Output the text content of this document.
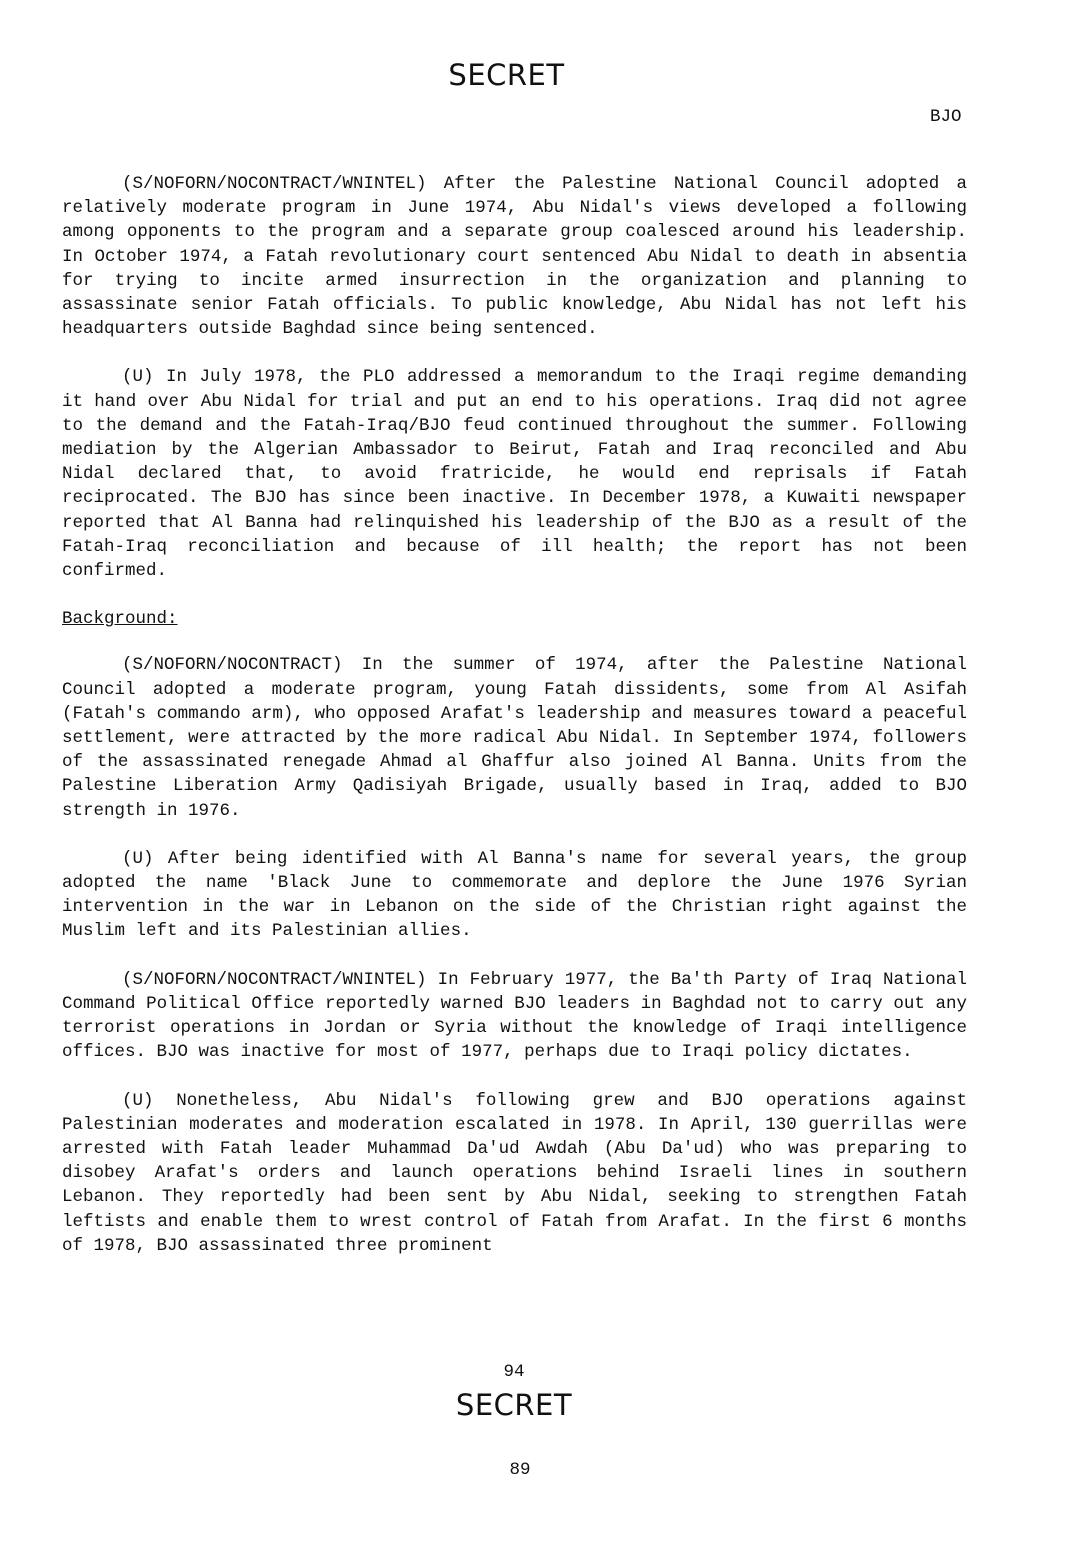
SECRET
BJO

(S/NOFORN/NOCONTRACT/WNINTEL) After the Palestine National Council adopted a relatively moderate program in June 1974, Abu Nidal's views developed a following among opponents to the program and a separate group coalesced around his leadership. In October 1974, a Fatah revolutionary court sentenced Abu Nidal to death in absentia for trying to incite armed insurrection in the organization and planning to assassinate senior Fatah officials. To public knowledge, Abu Nidal has not left his headquarters outside Baghdad since being sentenced.

(U) In July 1978, the PLO addressed a memorandum to the Iraqi regime demanding it hand over Abu Nidal for trial and put an end to his operations. Iraq did not agree to the demand and the Fatah-Iraq/BJO feud continued throughout the summer. Following mediation by the Algerian Ambassador to Beirut, Fatah and Iraq reconciled and Abu Nidal declared that, to avoid fratricide, he would end reprisals if Fatah reciprocated. The BJO has since been inactive. In December 1978, a Kuwaiti newspaper reported that Al Banna had relinquished his leadership of the BJO as a result of the Fatah-Iraq reconciliation and because of ill health; the report has not been confirmed.

Background:

(S/NOFORN/NOCONTRACT) In the summer of 1974, after the Palestine National Council adopted a moderate program, young Fatah dissidents, some from Al Asifah (Fatah's commando arm), who opposed Arafat's leadership and measures toward a peaceful settlement, were attracted by the more radical Abu Nidal. In September 1974, followers of the assassinated renegade Ahmad al Ghaffur also joined Al Banna. Units from the Palestine Liberation Army Qadisiyah Brigade, usually based in Iraq, added to BJO strength in 1976.

(U) After being identified with Al Banna's name for several years, the group adopted the name 'Black June to commemorate and deplore the June 1976 Syrian intervention in the war in Lebanon on the side of the Christian right against the Muslim left and its Palestinian allies.

(S/NOFORN/NOCONTRACT/WNINTEL) In February 1977, the Ba'th Party of Iraq National Command Political Office reportedly warned BJO leaders in Baghdad not to carry out any terrorist operations in Jordan or Syria without the knowledge of Iraqi intelligence offices. BJO was inactive for most of 1977, perhaps due to Iraqi policy dictates.

(U) Nonetheless, Abu Nidal's following grew and BJO operations against Palestinian moderates and moderation escalated in 1978. In April, 130 guerrillas were arrested with Fatah leader Muhammad Da'ud Awdah (Abu Da'ud) who was preparing to disobey Arafat's orders and launch operations behind Israeli lines in southern Lebanon. They reportedly had been sent by Abu Nidal, seeking to strengthen Fatah leftists and enable them to wrest control of Fatah from Arafat. In the first 6 months of 1978, BJO assassinated three prominent

94
SECRET
89
